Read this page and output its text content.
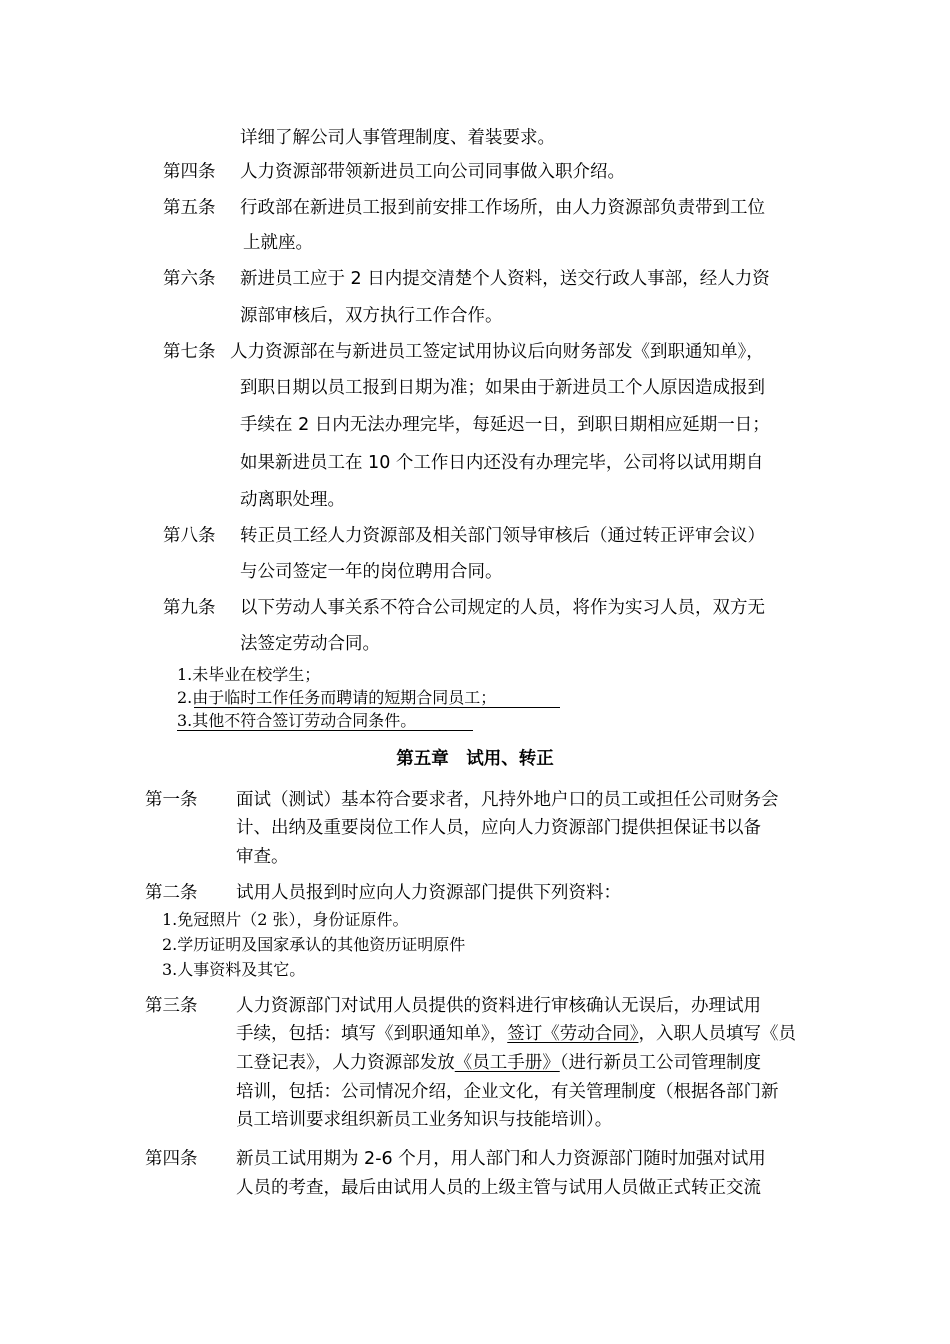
详细了解公司人事管理制度、着装要求。
第四条 人力资源部带领新进员工向公司同事做入职介绍。
第五条 行政部在新进员工报到前安排工作场所，由人力资源部负责带到工位
上就座。
第六条 新进员工应于 2 日内提交清楚个人资料，送交行政人事部，经人力资
源部审核后，双方执行工作合作。
第七条 人力资源部在与新进员工签定试用协议后向财务部发《到职通知单》，
到职日期以员工报到日期为准；如果由于新进员工个人原因造成报到
手续在 2 日内无法办理完毕，每延迟一日，到职日期相应延期一日；
如果新进员工在 10 个工作日内还没有办理完毕，公司将以试用期自
动离职处理。
第八条 转正员工经人力资源部及相关部门领导审核后（通过转正评审会议）
与公司签定一年的岗位聘用合同。
第九条 以下劳动人事关系不符合公司规定的人员，将作为实习人员，双方无
法签定劳动合同。
1.未毕业在校学生；
2.由于临时工作任务而聘请的短期合同员工；
3.其他不符合签订劳动合同条件。
第五章　试用、转正
第一条 面试（测试）基本符合要求者，凡持外地户口的员工或担任公司财务会
计、出纳及重要岗位工作人员，应向人力资源部门提供担保证书以备
审查。
第二条 试用人员报到时应向人力资源部门提供下列资料：
1.免冠照片（2 张），身份证原件。
2.学历证明及国家承认的其他资历证明原件
3.人事资料及其它。
第三条 人力资源部门对试用人员提供的资料进行审核确认无误后，办理试用
手续，包括：填写《到职通知单》，签订《劳动合同》，入职人员填写《员
工登记表》，人力资源部发放《员工手册》（进行新员工公司管理制度
培训，包括：公司情况介绍，企业文化，有关管理制度（根据各部门新
员工培训要求组织新员工业务知识与技能培训）。
第四条 新员工试用期为 2-6 个月，用人部门和人力资源部门随时加强对试用
人员的考查，最后由试用人员的上级主管与试用人员做正式转正交流
